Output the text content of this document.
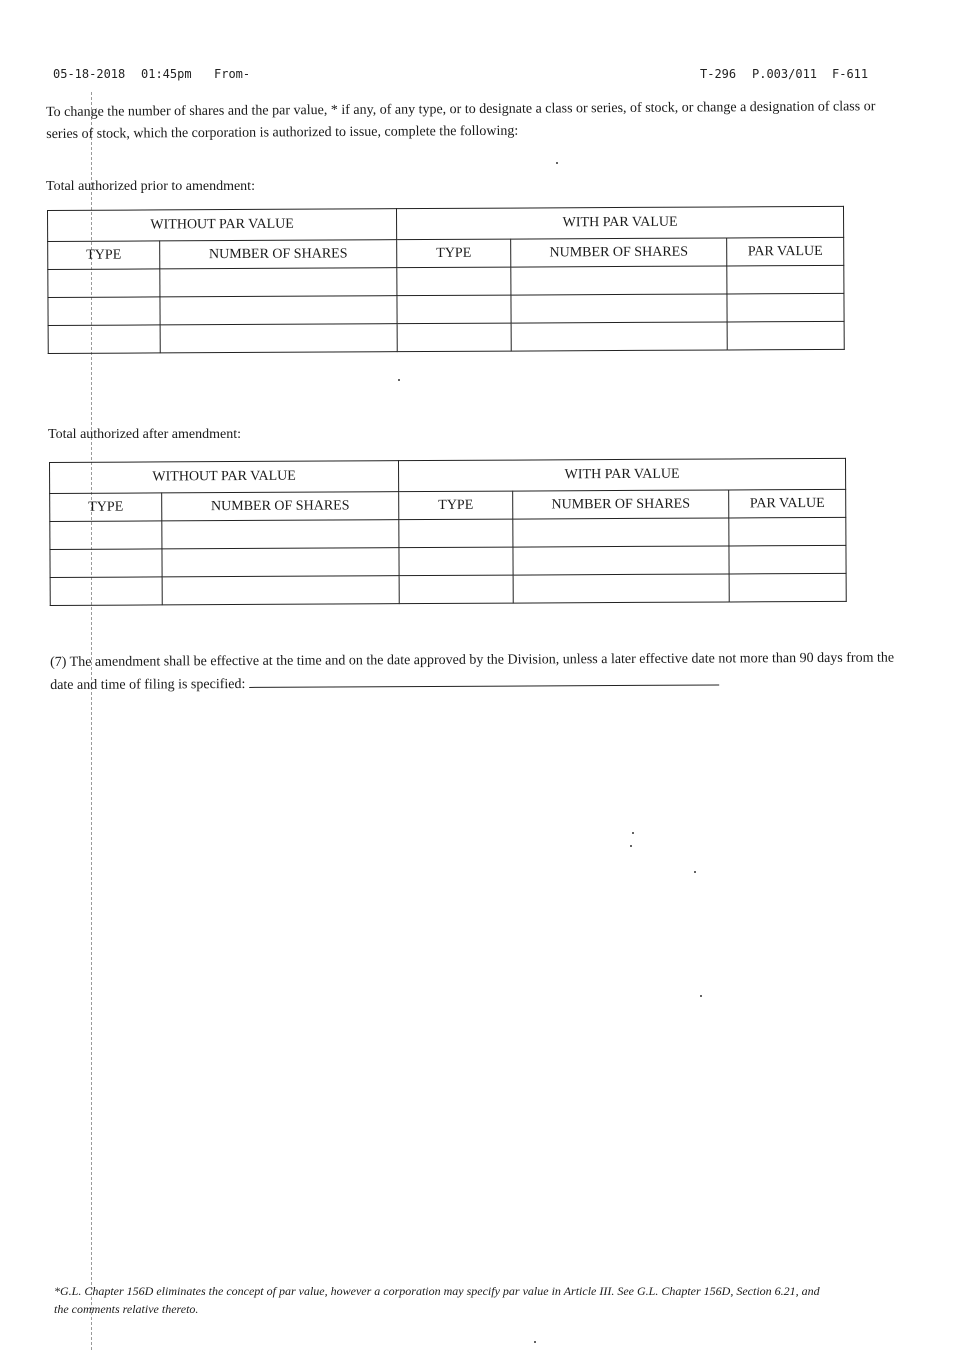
05-18-2018 01:45pm From-	T-296 P.003/011 F-611
To change the number of shares and the par value, * if any, of any type, or to designate a class or series, of stock, or change a designation of class or series of stock, which the corporation is authorized to issue, complete the following:
Total authorized prior to amendment:
WITHOUT PAR VALUE		WITH PAR VALUE		
TYPE	NUMBER OF SHARES	TYPE	NUMBER OF SHARES	PAR VALUE

Total authorized after amendment:
WITHOUT PAR VALUE		WITH PAR VALUE		
TYPE	NUMBER OF SHARES	TYPE	NUMBER OF SHARES	PAR VALUE

(7) The amendment shall be effective at the time and on the date approved by the Division, unless a later effective date not more than 90 days from the date and time of filing is specified:
*G.L. Chapter 156D eliminates the concept of par value, however a corporation may specify par value in Article III. See G.L. Chapter 156D, Section 6.21, and the comments relative thereto.
